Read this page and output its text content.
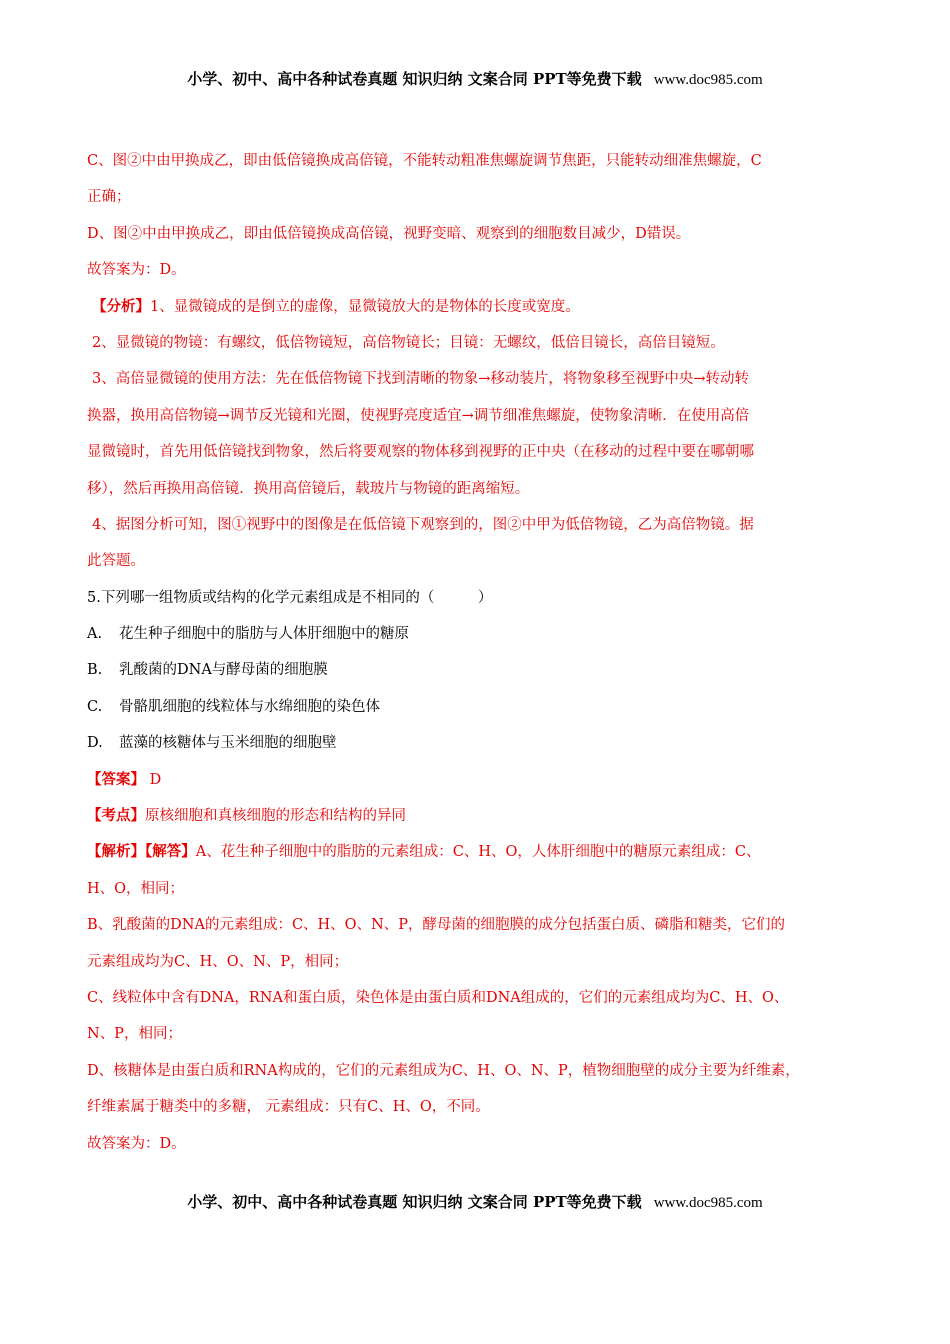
小学、初中、高中各种试卷真题 知识归纳 文案合同 PPT等免费下载 www.doc985.com
C、图②中由甲换成乙，即由低倍镜换成高倍镜，不能转动粗准焦螺旋调节焦距，只能转动细准焦螺旋，C
正确；
D、图②中由甲换成乙，即由低倍镜换成高倍镜，视野变暗、观察到的细胞数目减少，D错误。
故答案为：D。
【分析】1、显微镜成的是倒立的虚像，显微镜放大的是物体的长度或宽度。
2、显微镜的物镜：有螺纹，低倍物镜短，高倍物镜长；目镜：无螺纹，低倍目镜长，高倍目镜短。
3、高倍显微镜的使用方法：先在低倍物镜下找到清晰的物象→移动装片，将物象移至视野中央→转动转
换器，换用高倍物镜→调节反光镜和光圈，使视野亮度适宜→调节细准焦螺旋，使物象清晰．在使用高倍
显微镜时，首先用低倍镜找到物象，然后将要观察的物体移到视野的正中央（在移动的过程中要在哪朝哪
移），然后再换用高倍镜．换用高倍镜后，载玻片与物镜的距离缩短。
4、据图分析可知，图①视野中的图像是在低倍镜下观察到的，图②中甲为低倍物镜，乙为高倍物镜。据
此答题。
5.下列哪一组物质或结构的化学元素组成是不相同的（　　　）
A. 花生种子细胞中的脂肪与人体肝细胞中的糖原
B. 乳酸菌的DNA与酵母菌的细胞膜
C. 骨骼肌细胞的线粒体与水绵细胞的染色体
D. 蓝藻的核糖体与玉米细胞的细胞壁
【答案】 D
【考点】原核细胞和真核细胞的形态和结构的异同
【解析】【解答】A、花生种子细胞中的脂肪的元素组成：C、H、O，人体肝细胞中的糖原元素组成：C、
H、O，相同；
B、乳酸菌的DNA的元素组成：C、H、O、N、P，酵母菌的细胞膜的成分包括蛋白质、磷脂和糖类，它们的
元素组成均为C、H、O、N、P，相同；
C、线粒体中含有DNA，RNA和蛋白质，染色体是由蛋白质和DNA组成的，它们的元素组成均为C、H、O、
N、P，相同；
D、核糖体是由蛋白质和RNA构成的，它们的元素组成为C、H、O、N、P，植物细胞壁的成分主要为纤维素，
纤维素属于糖类中的多糖， 元素组成：只有C、H、O，不同。
故答案为：D。
小学、初中、高中各种试卷真题 知识归纳 文案合同 PPT等免费下载 www.doc985.com
